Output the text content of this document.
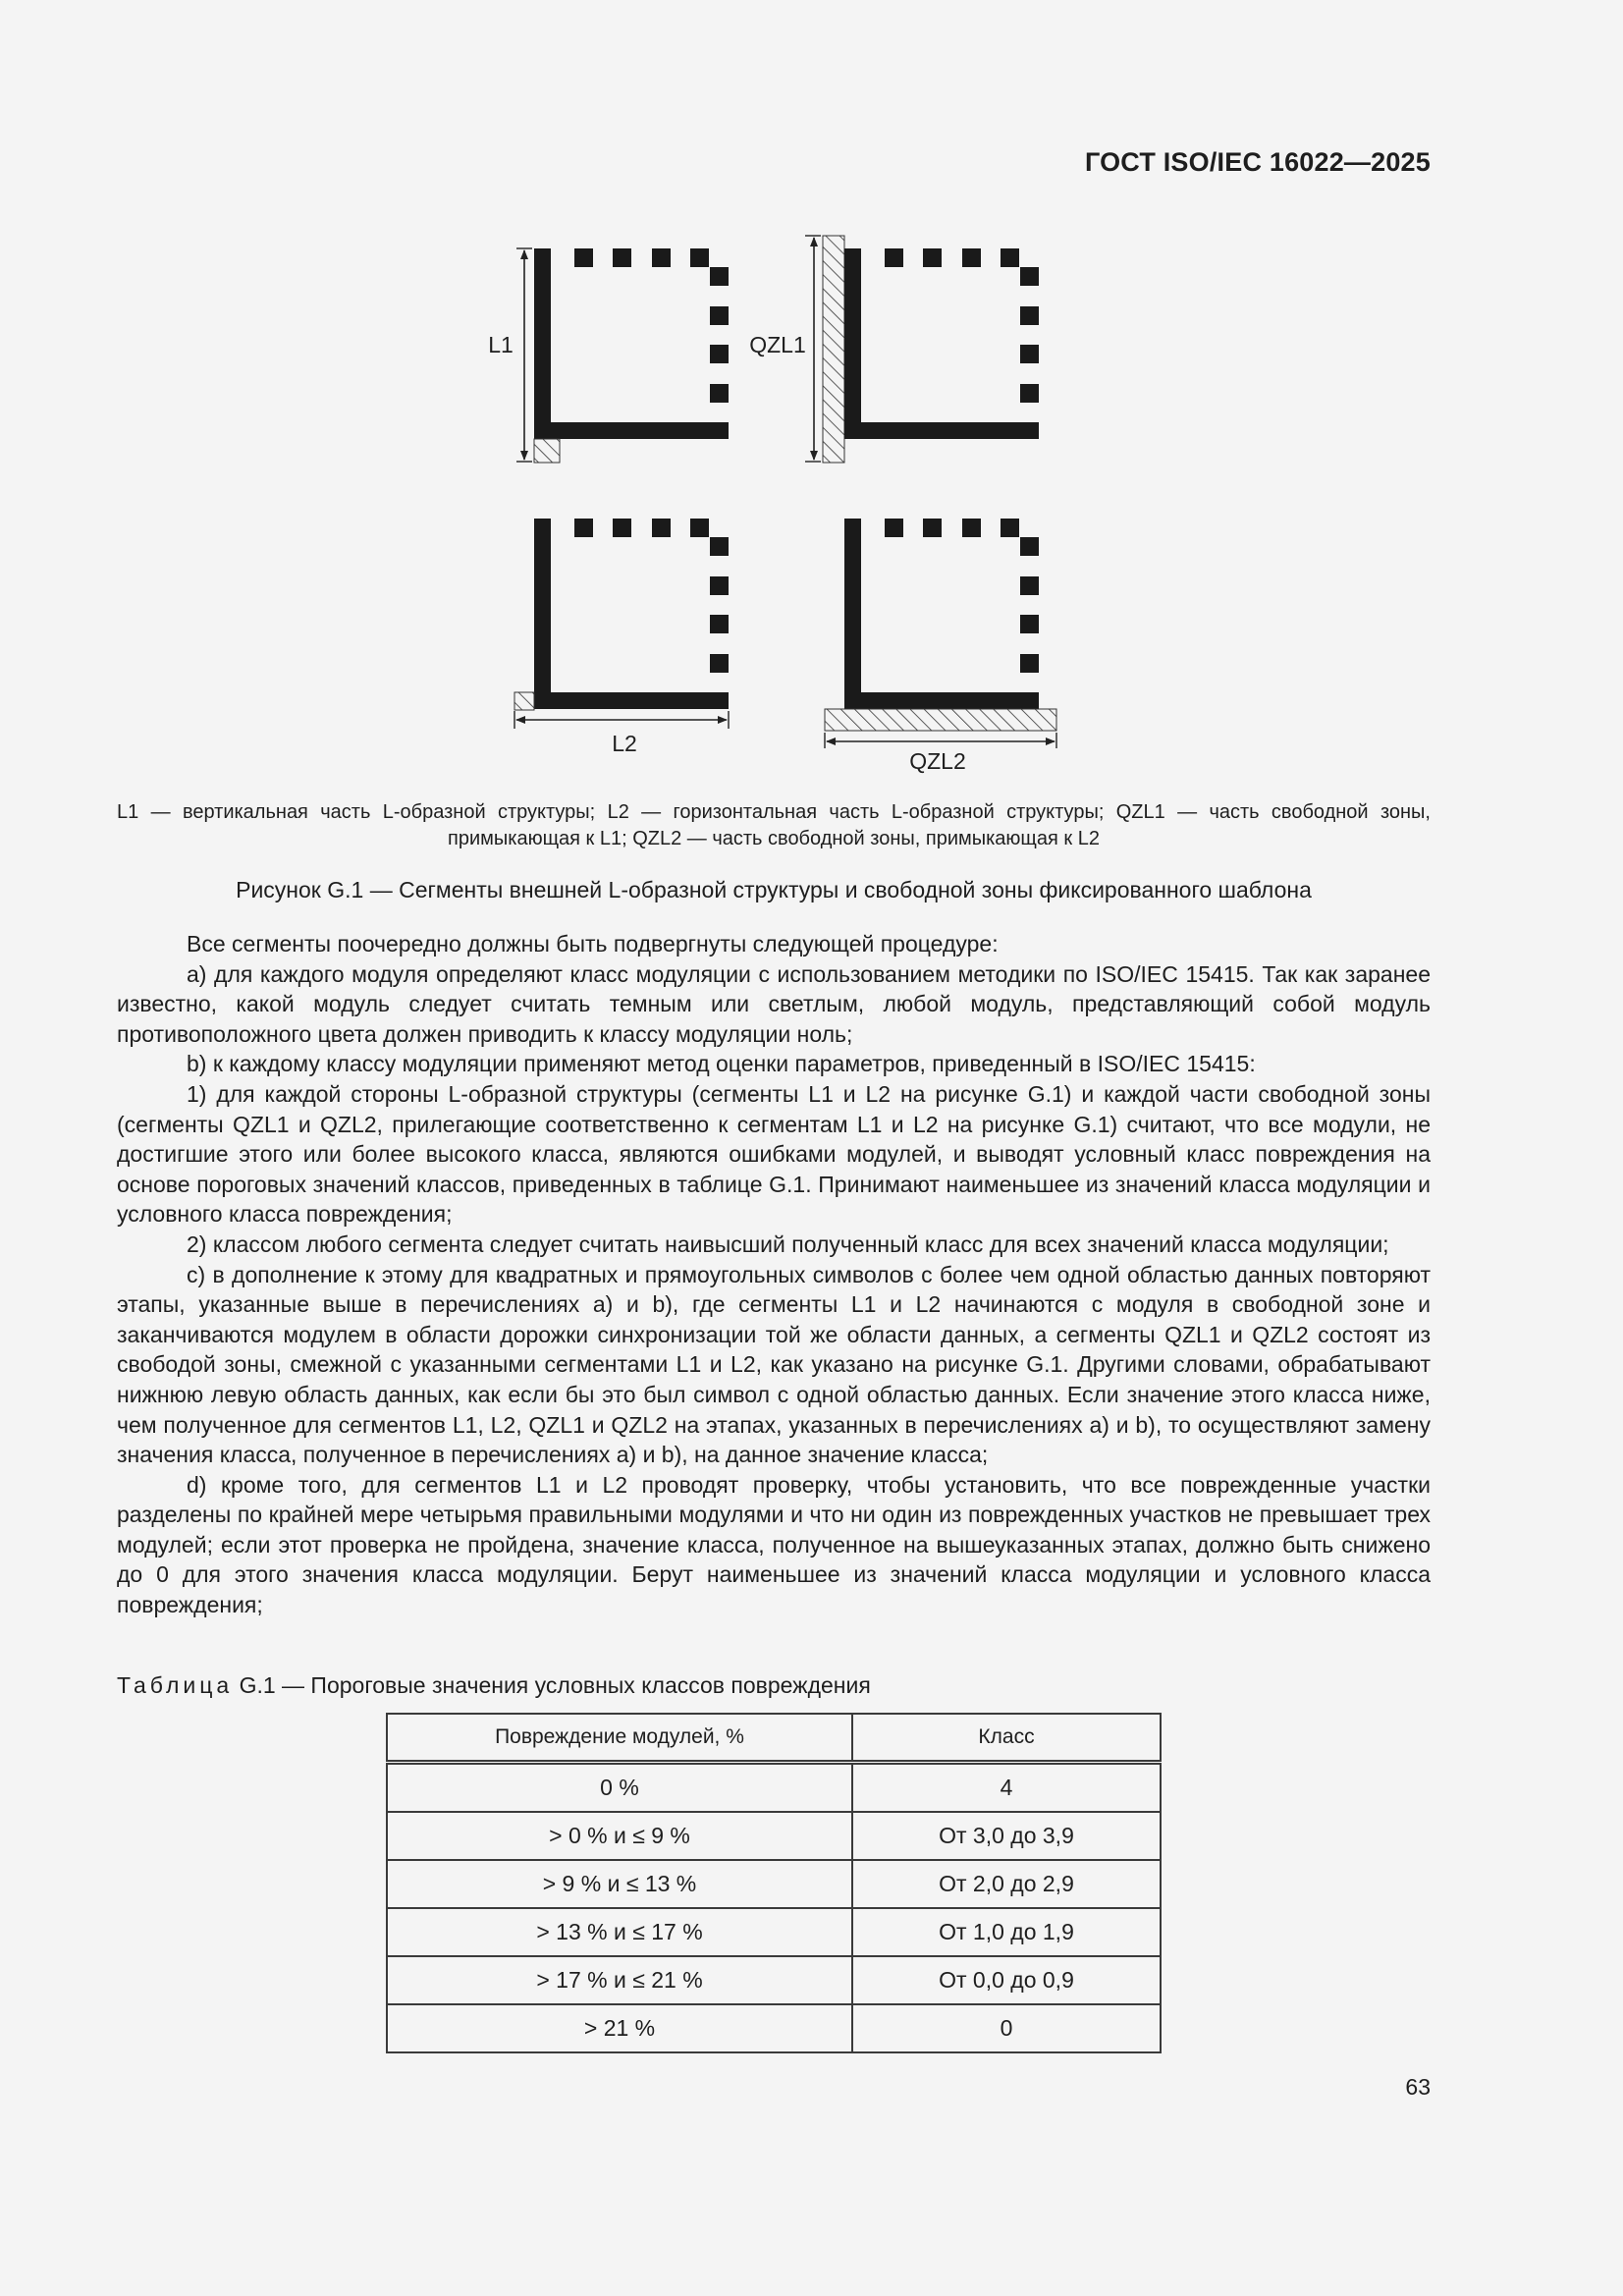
ГОСТ ISO/IEC 16022—2025
L1	QZL1
L2
QZL2
L1 — вертикальная часть L-образной структуры; L2 — горизонтальная часть L-образной структуры; QZL1 — часть свободной зоны, примыкающая к L1; QZL2 — часть свободной зоны, примыкающая к L2
Рисунок G.1 — Сегменты внешней L-образной структуры и свободной зоны фиксированного шаблона

Все сегменты поочередно должны быть подвергнуты следующей процедуре:

a) для каждого модуля определяют класс модуляции с использованием методики по ISO/IEC 15415. Так как заранее известно, какой модуль следует считать темным или светлым, любой модуль, представляющий собой модуль противоположного цвета должен приводить к классу модуляции ноль;

b) к каждому классу модуляции применяют метод оценки параметров, приведенный в ISO/IEC 15415:

1) для каждой стороны L-образной структуры (сегменты L1 и L2 на рисунке G.1) и каждой части свободной зоны (сегменты QZL1 и QZL2, прилегающие соответственно к сегментам L1 и L2 на рисунке G.1) считают, что все модули, не достигшие этого или более высокого класса, являются ошибками модулей, и выводят условный класс повреждения на основе пороговых значений классов, приведенных в таблице G.1. Принимают наименьшее из значений класса модуляции и условного класса повреждения;

2) классом любого сегмента следует считать наивысший полученный класс для всех значений класса модуляции;

c) в дополнение к этому для квадратных и прямоугольных символов с более чем одной областью данных повторяют этапы, указанные выше в перечислениях a) и b), где сегменты L1 и L2 начинаются с модуля в свободной зоне и заканчиваются модулем в области дорожки синхронизации той же области данных, а сегменты QZL1 и QZL2 состоят из свободой зоны, смежной с указанными сегментами L1 и L2, как указано на рисунке G.1. Другими словами, обрабатывают нижнюю левую область данных, как если бы это был символ с одной областью данных. Если значение этого класса ниже, чем полученное для сегментов L1, L2, QZL1 и QZL2 на этапах, указанных в перечислениях a) и b), то осуществляют замену значения класса, полученное в перечислениях a) и b), на данное значение класса;

d) кроме того, для сегментов L1 и L2 проводят проверку, чтобы установить, что все поврежденные участки разделены по крайней мере четырьмя правильными модулями и что ни один из поврежденных участков не превышает трех модулей; если этот проверка не пройдена, значение класса, полученное на вышеуказанных этапах, должно быть снижено до 0 для этого значения класса модуляции. Берут наименьшее из значений класса модуляции и условного класса повреждения;

Таблица G.1 — Пороговые значения условных классов повреждения
Повреждение модулей, %	Класс
0 %	4
> 0 % и ≤ 9 %	От 3,0 до 3,9
> 9 % и ≤ 13 %	От 2,0 до 2,9
> 13 % и ≤ 17 %	От 1,0 до 1,9
> 17 % и ≤ 21 %	От 0,0 до 0,9
> 21 %	0
63
